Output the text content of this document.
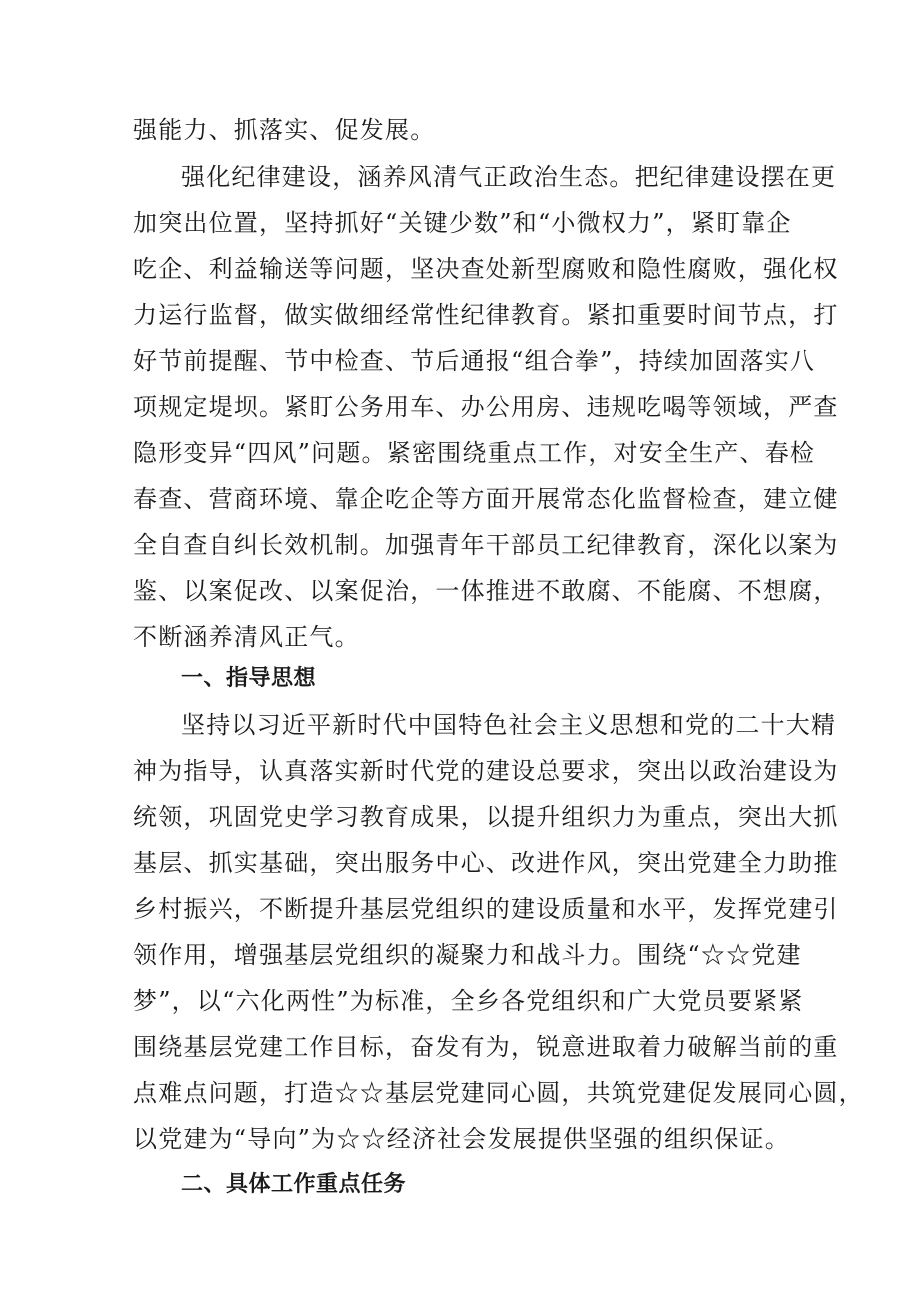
强能力、抓落实、促发展。
强化纪律建设，涵养风清气正政治生态。把纪律建设摆在更
加突出位置，坚持抓好“关键少数”和“小微权力”，紧盯靠企
吃企、利益输送等问题，坚决查处新型腐败和隐性腐败，强化权
力运行监督，做实做细经常性纪律教育。紧扣重要时间节点，打
好节前提醒、节中检查、节后通报“组合拳”，持续加固落实八
项规定堤坝。紧盯公务用车、办公用房、违规吃喝等领域，严查
隐形变异“四风”问题。紧密围绕重点工作，对安全生产、春检
春查、营商环境、靠企吃企等方面开展常态化监督检查，建立健
全自查自纠长效机制。加强青年干部员工纪律教育，深化以案为
鉴、以案促改、以案促治，一体推进不敢腐、不能腐、不想腐，
不断涵养清风正气。
一、指导思想
坚持以习近平新时代中国特色社会主义思想和党的二十大精
神为指导，认真落实新时代党的建设总要求，突出以政治建设为
统领，巩固党史学习教育成果，以提升组织力为重点，突出大抓
基层、抓实基础，突出服务中心、改进作风，突出党建全力助推
乡村振兴，不断提升基层党组织的建设质量和水平，发挥党建引
领作用，增强基层党组织的凝聚力和战斗力。围绕“☆☆党建
梦”，以“六化两性”为标准，全乡各党组织和广大党员要紧紧
围绕基层党建工作目标，奋发有为，锐意进取着力破解当前的重
点难点问题，打造☆☆基层党建同心圆，共筑党建促发展同心圆，
以党建为“导向”为☆☆经济社会发展提供坚强的组织保证。
二、具体工作重点任务
